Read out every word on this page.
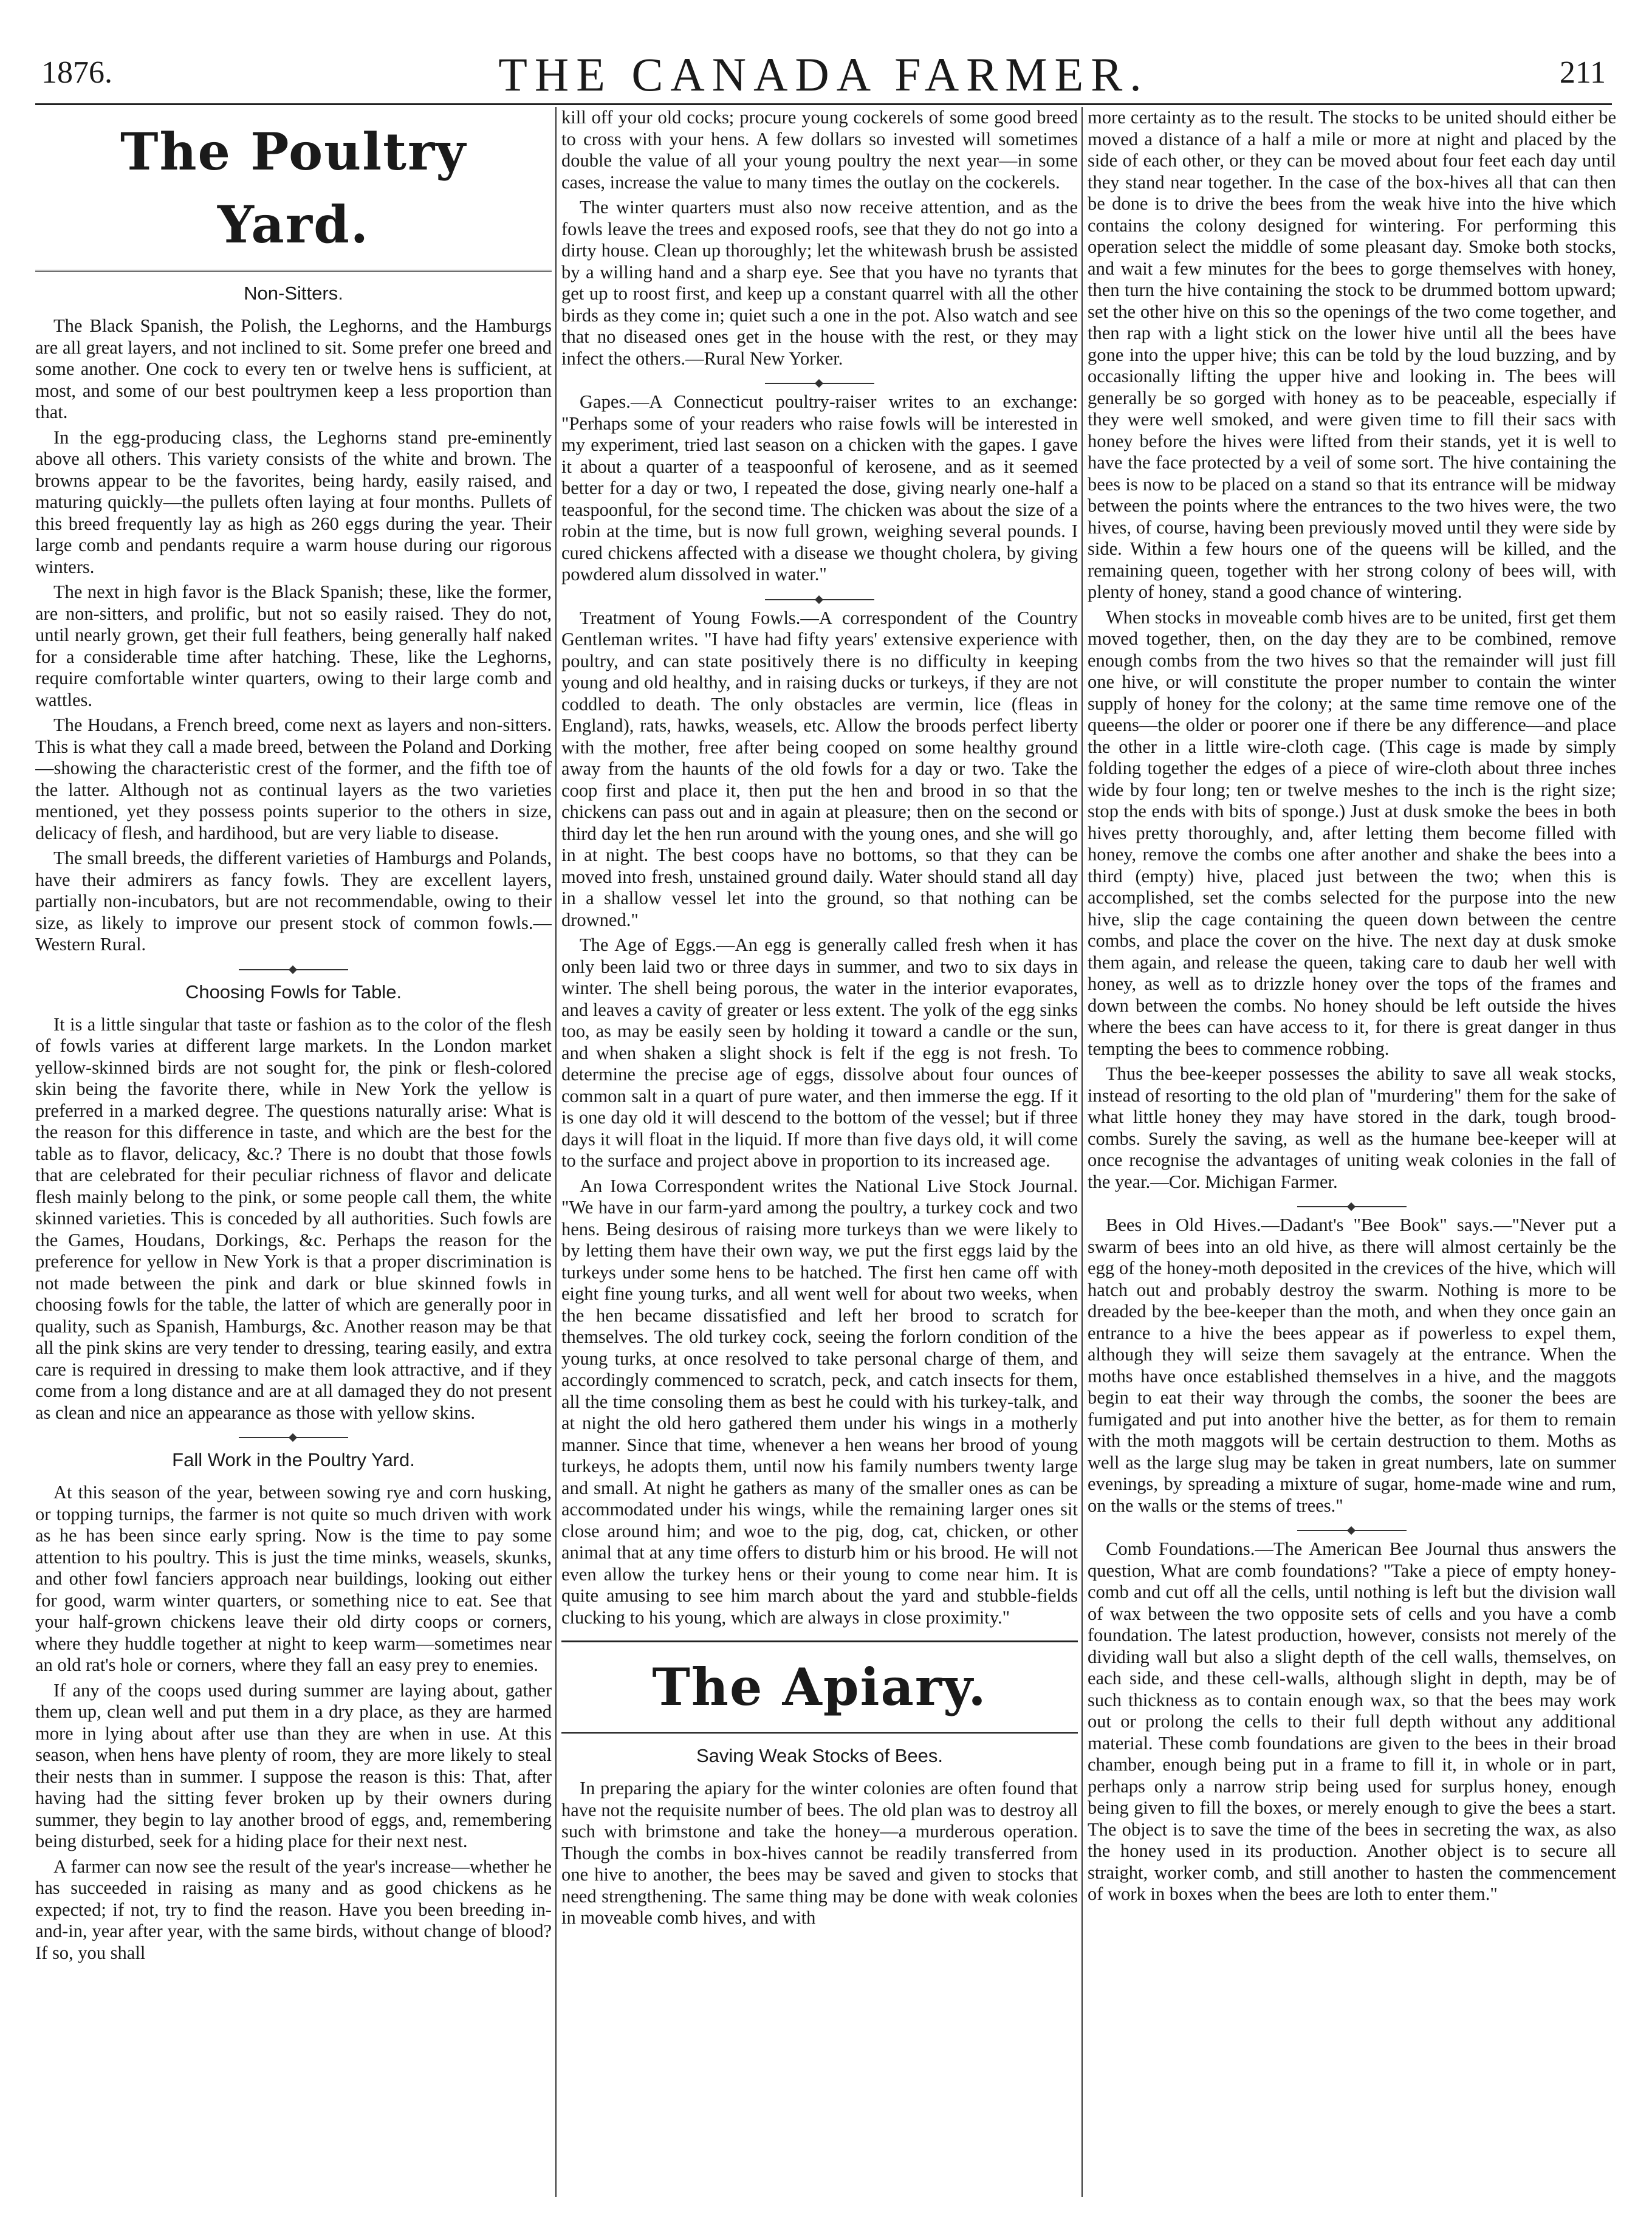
1876.	THE CANADA FARMER.	211
The Poultry Yard.
Non-Sitters.

The Black Spanish, the Polish, the Leghorns, and the Hamburgs are all great layers, and not inclined to sit. Some prefer one breed and some another. One cock to every ten or twelve hens is sufficient, at most, and some of our best poultrymen keep a less proportion than that.

In the egg-producing class, the Leghorns stand pre-eminently above all others. This variety consists of the white and brown. The browns appear to be the favorites, being hardy, easily raised, and maturing quickly—the pullets often laying at four months. Pullets of this breed frequently lay as high as 260 eggs during the year. Their large comb and pendants require a warm house during our rigorous winters.

The next in high favor is the Black Spanish; these, like the former, are non-sitters, and prolific, but not so easily raised. They do not, until nearly grown, get their full feathers, being generally half naked for a considerable time after hatching. These, like the Leghorns, require comfortable winter quarters, owing to their large comb and wattles.

The Houdans, a French breed, come next as layers and non-sitters. This is what they call a made breed, between the Poland and Dorking—showing the characteristic crest of the former, and the fifth toe of the latter. Although not as continual layers as the two varieties mentioned, yet they possess points superior to the others in size, delicacy of flesh, and hardihood, but are very liable to disease.

The small breeds, the different varieties of Hamburgs and Polands, have their admirers as fancy fowls. They are excellent layers, partially non-incubators, but are not recommendable, owing to their size, as likely to improve our present stock of common fowls.—Western Rural.

Choosing Fowls for Table.

It is a little singular that taste or fashion as to the color of the flesh of fowls varies at different large markets. In the London market yellow-skinned birds are not sought for, the pink or flesh-colored skin being the favorite there, while in New York the yellow is preferred in a marked degree. The questions naturally arise: What is the reason for this difference in taste, and which are the best for the table as to flavor, delicacy, &c.? There is no doubt that those fowls that are celebrated for their peculiar richness of flavor and delicate flesh mainly belong to the pink, or some people call them, the white skinned varieties. This is conceded by all authorities. Such fowls are the Games, Houdans, Dorkings, &c. Perhaps the reason for the preference for yellow in New York is that a proper discrimination is not made between the pink and dark or blue skinned fowls in choosing fowls for the table, the latter of which are generally poor in quality, such as Spanish, Hamburgs, &c. Another reason may be that all the pink skins are very tender to dressing, tearing easily, and extra care is required in dressing to make them look attractive, and if they come from a long distance and are at all damaged they do not present as clean and nice an appearance as those with yellow skins.

Fall Work in the Poultry Yard.

At this season of the year, between sowing rye and corn husking, or topping turnips, the farmer is not quite so much driven with work as he has been since early spring. Now is the time to pay some attention to his poultry. This is just the time minks, weasels, skunks, and other fowl fanciers approach near buildings, looking out either for good, warm winter quarters, or something nice to eat. See that your half-grown chickens leave their old dirty coops or corners, where they huddle together at night to keep warm—sometimes near an old rat's hole or corners, where they fall an easy prey to enemies.

If any of the coops used during summer are laying about, gather them up, clean well and put them in a dry place, as they are harmed more in lying about after use than they are when in use. At this season, when hens have plenty of room, they are more likely to steal their nests than in summer. I suppose the reason is this: That, after having had the sitting fever broken up by their owners during summer, they begin to lay another brood of eggs, and, remembering being disturbed, seek for a hiding place for their next nest.

A farmer can now see the result of the year's increase—whether he has succeeded in raising as many and as good chickens as he expected; if not, try to find the reason. Have you been breeding in-and-in, year after year, with the same birds, without change of blood? If so, you shall

kill off your old cocks; procure young cockerels of some good breed to cross with your hens. A few dollars so invested will sometimes double the value of all your young poultry the next year—in some cases, increase the value to many times the outlay on the cockerels.

The winter quarters must also now receive attention, and as the fowls leave the trees and exposed roofs, see that they do not go into a dirty house. Clean up thoroughly; let the whitewash brush be assisted by a willing hand and a sharp eye. See that you have no tyrants that get up to roost first, and keep up a constant quarrel with all the other birds as they come in; quiet such a one in the pot. Also watch and see that no diseased ones get in the house with the rest, or they may infect the others.—Rural New Yorker.

Gapes.—A Connecticut poultry-raiser writes to an exchange: "Perhaps some of your readers who raise fowls will be interested in my experiment, tried last season on a chicken with the gapes. I gave it about a quarter of a teaspoonful of kerosene, and as it seemed better for a day or two, I repeated the dose, giving nearly one-half a teaspoonful, for the second time. The chicken was about the size of a robin at the time, but is now full grown, weighing several pounds. I cured chickens affected with a disease we thought cholera, by giving powdered alum dissolved in water."

Treatment of Young Fowls.—A correspondent of the Country Gentleman writes. "I have had fifty years' extensive experience with poultry, and can state positively there is no difficulty in keeping young and old healthy, and in raising ducks or turkeys, if they are not coddled to death. The only obstacles are vermin, lice (fleas in England), rats, hawks, weasels, etc. Allow the broods perfect liberty with the mother, free after being cooped on some healthy ground away from the haunts of the old fowls for a day or two. Take the coop first and place it, then put the hen and brood in so that the chickens can pass out and in again at pleasure; then on the second or third day let the hen run around with the young ones, and she will go in at night. The best coops have no bottoms, so that they can be moved into fresh, unstained ground daily. Water should stand all day in a shallow vessel let into the ground, so that nothing can be drowned."

The Age of Eggs.—An egg is generally called fresh when it has only been laid two or three days in summer, and two to six days in winter. The shell being porous, the water in the interior evaporates, and leaves a cavity of greater or less extent. The yolk of the egg sinks too, as may be easily seen by holding it toward a candle or the sun, and when shaken a slight shock is felt if the egg is not fresh. To determine the precise age of eggs, dissolve about four ounces of common salt in a quart of pure water, and then immerse the egg. If it is one day old it will descend to the bottom of the vessel; but if three days it will float in the liquid. If more than five days old, it will come to the surface and project above in proportion to its increased age.

An Iowa Correspondent writes the National Live Stock Journal. "We have in our farm-yard among the poultry, a turkey cock and two hens. Being desirous of raising more turkeys than we were likely to by letting them have their own way, we put the first eggs laid by the turkeys under some hens to be hatched. The first hen came off with eight fine young turks, and all went well for about two weeks, when the hen became dissatisfied and left her brood to scratch for themselves. The old turkey cock, seeing the forlorn condition of the young turks, at once resolved to take personal charge of them, and accordingly commenced to scratch, peck, and catch insects for them, all the time consoling them as best he could with his turkey-talk, and at night the old hero gathered them under his wings in a motherly manner. Since that time, whenever a hen weans her brood of young turkeys, he adopts them, until now his family numbers twenty large and small. At night he gathers as many of the smaller ones as can be accommodated under his wings, while the remaining larger ones sit close around him; and woe to the pig, dog, cat, chicken, or other animal that at any time offers to disturb him or his brood. He will not even allow the turkey hens or their young to come near him. It is quite amusing to see him march about the yard and stubble-fields clucking to his young, which are always in close proximity."

The Apiary.
Saving Weak Stocks of Bees.

In preparing the apiary for the winter colonies are often found that have not the requisite number of bees. The old plan was to destroy all such with brimstone and take the honey—a murderous operation. Though the combs in box-hives cannot be readily transferred from one hive to another, the bees may be saved and given to stocks that need strengthening. The same thing may be done with weak colonies in moveable comb hives, and with

more certainty as to the result. The stocks to be united should either be moved a distance of a half a mile or more at night and placed by the side of each other, or they can be moved about four feet each day until they stand near together. In the case of the box-hives all that can then be done is to drive the bees from the weak hive into the hive which contains the colony designed for wintering. For performing this operation select the middle of some pleasant day. Smoke both stocks, and wait a few minutes for the bees to gorge themselves with honey, then turn the hive containing the stock to be drummed bottom upward; set the other hive on this so the openings of the two come together, and then rap with a light stick on the lower hive until all the bees have gone into the upper hive; this can be told by the loud buzzing, and by occasionally lifting the upper hive and looking in. The bees will generally be so gorged with honey as to be peaceable, especially if they were well smoked, and were given time to fill their sacs with honey before the hives were lifted from their stands, yet it is well to have the face protected by a veil of some sort. The hive containing the bees is now to be placed on a stand so that its entrance will be midway between the points where the entrances to the two hives were, the two hives, of course, having been previously moved until they were side by side. Within a few hours one of the queens will be killed, and the remaining queen, together with her strong colony of bees will, with plenty of honey, stand a good chance of wintering.

When stocks in moveable comb hives are to be united, first get them moved together, then, on the day they are to be combined, remove enough combs from the two hives so that the remainder will just fill one hive, or will constitute the proper number to contain the winter supply of honey for the colony; at the same time remove one of the queens—the older or poorer one if there be any difference—and place the other in a little wire-cloth cage. (This cage is made by simply folding together the edges of a piece of wire-cloth about three inches wide by four long; ten or twelve meshes to the inch is the right size; stop the ends with bits of sponge.) Just at dusk smoke the bees in both hives pretty thoroughly, and, after letting them become filled with honey, remove the combs one after another and shake the bees into a third (empty) hive, placed just between the two; when this is accomplished, set the combs selected for the purpose into the new hive, slip the cage containing the queen down between the centre combs, and place the cover on the hive. The next day at dusk smoke them again, and release the queen, taking care to daub her well with honey, as well as to drizzle honey over the tops of the frames and down between the combs. No honey should be left outside the hives where the bees can have access to it, for there is great danger in thus tempting the bees to commence robbing.

Thus the bee-keeper possesses the ability to save all weak stocks, instead of resorting to the old plan of "murdering" them for the sake of what little honey they may have stored in the dark, tough brood-combs. Surely the saving, as well as the humane bee-keeper will at once recognise the advantages of uniting weak colonies in the fall of the year.—Cor. Michigan Farmer.

Bees in Old Hives.—Dadant's "Bee Book" says.—"Never put a swarm of bees into an old hive, as there will almost certainly be the egg of the honey-moth deposited in the crevices of the hive, which will hatch out and probably destroy the swarm. Nothing is more to be dreaded by the bee-keeper than the moth, and when they once gain an entrance to a hive the bees appear as if powerless to expel them, although they will seize them savagely at the entrance. When the moths have once established themselves in a hive, and the maggots begin to eat their way through the combs, the sooner the bees are fumigated and put into another hive the better, as for them to remain with the moth maggots will be certain destruction to them. Moths as well as the large slug may be taken in great numbers, late on summer evenings, by spreading a mixture of sugar, home-made wine and rum, on the walls or the stems of trees."

Comb Foundations.—The American Bee Journal thus answers the question, What are comb foundations? "Take a piece of empty honey-comb and cut off all the cells, until nothing is left but the division wall of wax between the two opposite sets of cells and you have a comb foundation. The latest production, however, consists not merely of the dividing wall but also a slight depth of the cell walls, themselves, on each side, and these cell-walls, although slight in depth, may be of such thickness as to contain enough wax, so that the bees may work out or prolong the cells to their full depth without any additional material. These comb foundations are given to the bees in their broad chamber, enough being put in a frame to fill it, in whole or in part, perhaps only a narrow strip being used for surplus honey, enough being given to fill the boxes, or merely enough to give the bees a start. The object is to save the time of the bees in secreting the wax, as also the honey used in its production. Another object is to secure all straight, worker comb, and still another to hasten the commencement of work in boxes when the bees are loth to enter them."
